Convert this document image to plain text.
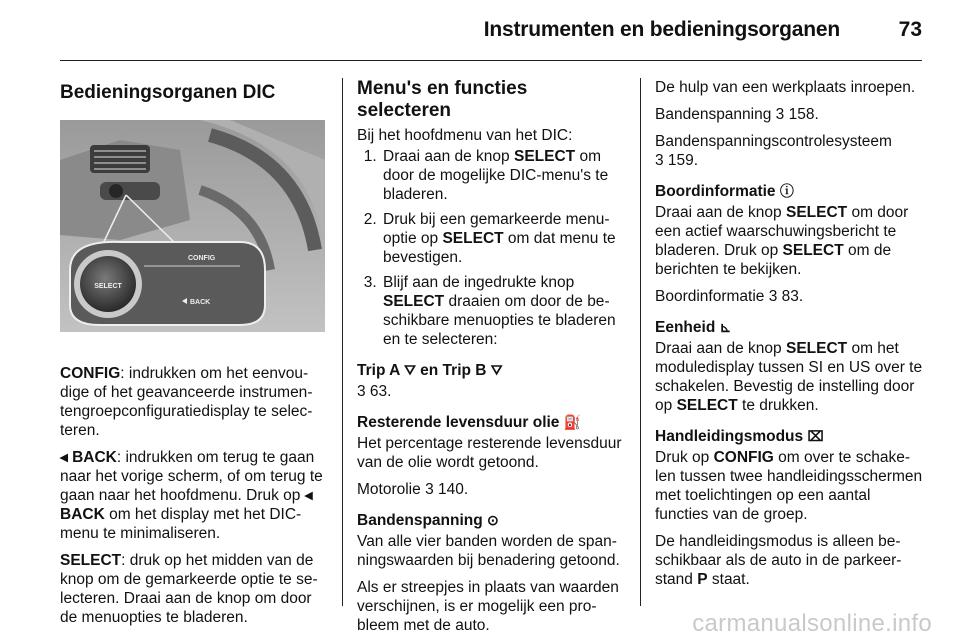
Instrumenten en bedieningsorganen	73
Bedieningsorganen DIC
SELECT
CONFIG
BACK

CONFIG: indrukken om het eenvoudige of het geavanceerde instrumentengroepconfiguratiedisplay te selecteren.

◂ BACK: indrukken om terug te gaan naar het vorige scherm, of om terug te gaan naar het hoofdmenu. Druk op ◂ BACK om het display met het DIC-menu te minimaliseren.

SELECT: druk op het midden van de knop om de gemarkeerde optie te selecteren. Draai aan de knop om door de menuopties te bladeren.

Menu's en functies selecteren

Bij het hoofdmenu van het DIC:

1. Draai aan de knop SELECT om door de mogelijke DIC-menu's te bladeren.
2. Druk bij een gemarkeerde menu-optie op SELECT om dat menu te bevestigen.
3. Blijf aan de ingedrukte knop SELECT draaien om door de beschikbare menuopties te bladeren en te selecteren:
Trip A ⛛ en Trip B ⛛

3 63.

Resterende levensduur olie ⛽

Het percentage resterende levensduur van de olie wordt getoond.

Motorolie 3 140.

Bandenspanning ⊙

Van alle vier banden worden de spanningswaarden bij benadering getoond.

Als er streepjes in plaats van waarden verschijnen, is er mogelijk een probleem met de auto.

De hulp van een werkplaats inroepen.

Bandenspanning 3 158.

Bandenspanningscontrolesysteem
3 159.

Boordinformatie ⓘ

Draai aan de knop SELECT om door een actief waarschuwingsbericht te bladeren. Druk op SELECT om de berichten te bekijken.

Boordinformatie 3 83.

Eenheid ⊾

Draai aan de knop SELECT om het moduledisplay tussen SI en US over te schakelen. Bevestig de instelling door op SELECT te drukken.

Handleidingsmodus ⌧

Druk op CONFIG om over te schakelen tussen twee handleidingsschermen met toelichtingen op een aantal functies van de groep.

De handleidingsmodus is alleen beschikbaar als de auto in de parkeerstand P staat.

carmanualsonline.info
